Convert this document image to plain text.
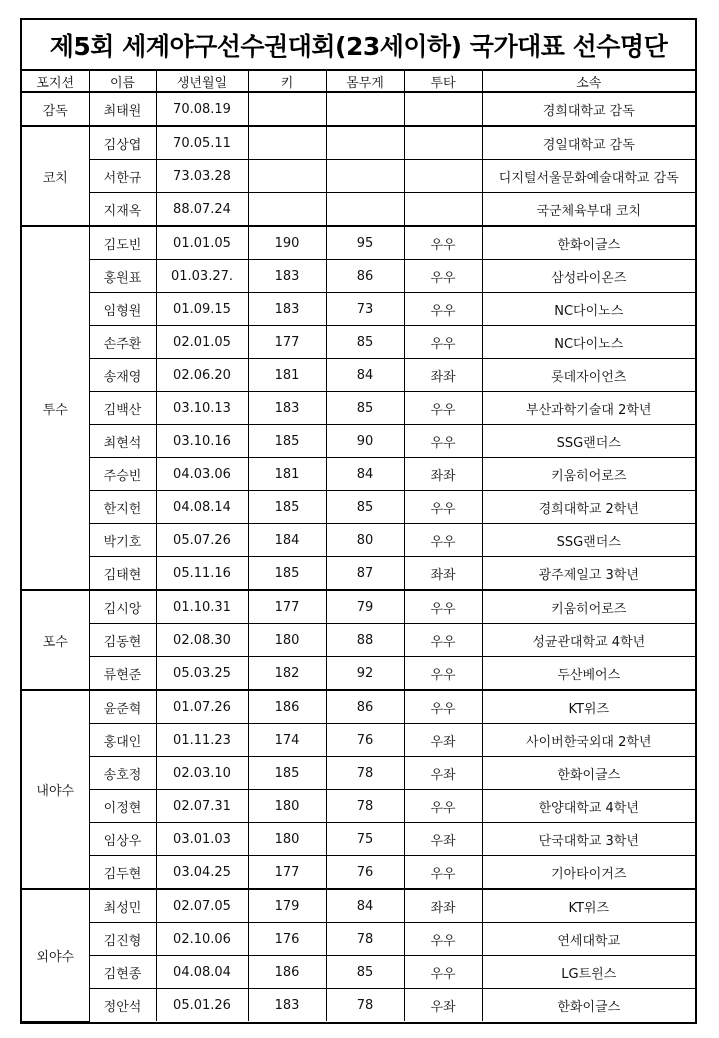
제5회 세계야구선수권대회(23세이하) 국가대표 선수명단
포지션	이름	생년월일	키	몸무게	투타	소속
감독	최태원	70.08.19				경희대학교 감독
코치	김상엽	70.05.11				경일대학교 감독
	서한규	73.03.28				디지털서울문화예술대학교 감독
	지재옥	88.07.24				국군체육부대 코치
투수	김도빈	01.01.05	190	95	우우	한화이글스
	홍원표	01.03.27.	183	86	우우	삼성라이온즈
	임형원	01.09.15	183	73	우우	NC다이노스
	손주환	02.01.05	177	85	우우	NC다이노스
	송재영	02.06.20	181	84	좌좌	롯데자이언츠
	김백산	03.10.13	183	85	우우	부산과학기술대 2학년
	최현석	03.10.16	185	90	우우	SSG랜더스
	주승빈	04.03.06	181	84	좌좌	키움히어로즈
	한지헌	04.08.14	185	85	우우	경희대학교 2학년
	박기호	05.07.26	184	80	우우	SSG랜더스
	김태현	05.11.16	185	87	좌좌	광주제일고 3학년
포수	김시앙	01.10.31	177	79	우우	키움히어로즈
	김동현	02.08.30	180	88	우우	성균관대학교 4학년
	류현준	05.03.25	182	92	우우	두산베어스
내야수	윤준혁	01.07.26	186	86	우우	KT위즈
	홍대인	01.11.23	174	76	우좌	사이버한국외대 2학년
	송호정	02.03.10	185	78	우좌	한화이글스
	이정현	02.07.31	180	78	우우	한양대학교 4학년
	임상우	03.01.03	180	75	우좌	단국대학교 3학년
	김두현	03.04.25	177	76	우우	기아타이거즈
외야수	최성민	02.07.05	179	84	좌좌	KT위즈
	김진형	02.10.06	176	78	우우	연세대학교
	김현종	04.08.04	186	85	우우	LG트윈스
	정안석	05.01.26	183	78	우좌	한화이글스
